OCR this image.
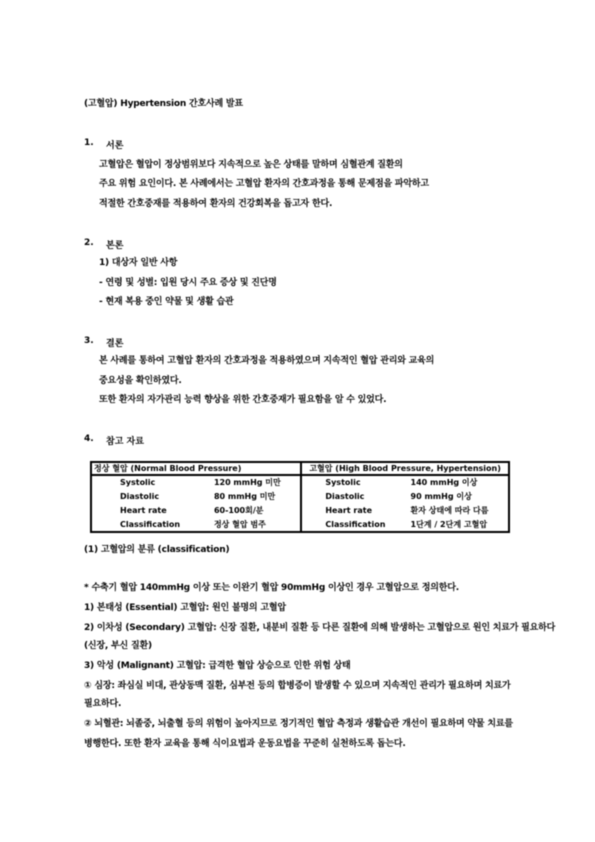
(고혈압) Hypertension 간호사례 발표
1. 서론
고혈압은 혈압이 정상범위보다 지속적으로 높은 상태를 말하며 심혈관계 질환의
주요 위험 요인이다. 본 사례에서는 고혈압 환자의 간호과정을 통해 문제점을 파악하고
적절한 간호중재를 적용하여 환자의 건강회복을 돕고자 한다.
2. 본론
1) 대상자 일반 사항
- 연령 및 성별: 입원 당시 주요 증상 및 진단명
- 현재 복용 중인 약물 및 생활 습관
3. 결론
본 사례를 통하여 고혈압 환자의 간호과정을 적용하였으며 지속적인 혈압 관리와 교육의
중요성을 확인하였다.
또한 환자의 자가관리 능력 향상을 위한 간호중재가 필요함을 알 수 있었다.
4. 참고 자료
정상 혈압 (Normal Blood Pressure)		고혈압 (High Blood Pressure, Hypertension)	
Systolic	120 mmHg 미만	Systolic	140 mmHg 이상
Diastolic	80 mmHg 미만	Diastolic	90 mmHg 이상
Heart rate	60-100회/분	Heart rate	환자 상태에 따라 다름
Classification	정상 혈압 범주	Classification	1단계 / 2단계 고혈압
(1) 고혈압의 분류 (classification)
* 수축기 혈압 140mmHg 이상 또는 이완기 혈압 90mmHg 이상인 경우 고혈압으로 정의한다.
1) 본태성 (Essential) 고혈압: 원인 불명의 고혈압
2) 이차성 (Secondary) 고혈압: 신장 질환, 내분비 질환 등 다른 질환에 의해 발생하는 고혈압으로 원인 치료가 필요하다
(신장, 부신 질환)
3) 악성 (Malignant) 고혈압: 급격한 혈압 상승으로 인한 위험 상태
① 심장: 좌심실 비대, 관상동맥 질환, 심부전 등의 합병증이 발생할 수 있으며 지속적인 관리가 필요하며 치료가
필요하다.
② 뇌혈관: 뇌졸중, 뇌출혈 등의 위험이 높아지므로 정기적인 혈압 측정과 생활습관 개선이 필요하며 약물 치료를
병행한다. 또한 환자 교육을 통해 식이요법과 운동요법을 꾸준히 실천하도록 돕는다.
